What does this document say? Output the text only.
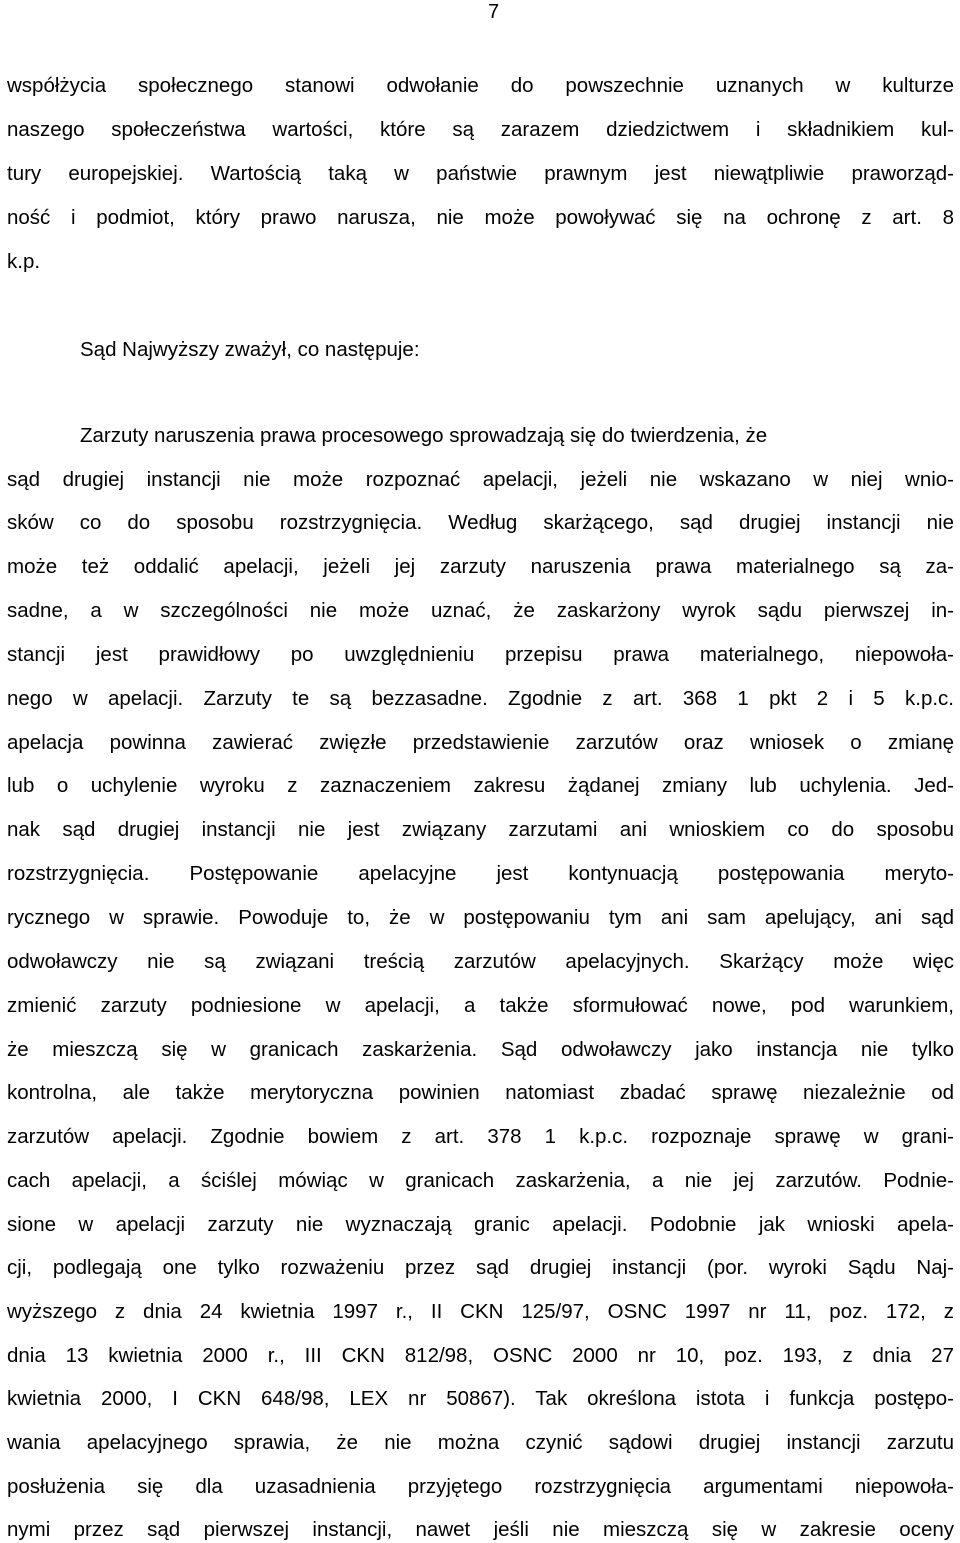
7
współżycia społecznego stanowi odwołanie do powszechnie uznanych w kulturze
naszego społeczeństwa wartości, które są zarazem dziedzictwem i składnikiem kul-
tury europejskiej. Wartością taką w państwie prawnym jest niewątpliwie praworząd-
ność i podmiot, który prawo narusza, nie może powoływać się na ochronę z art. 8
k.p.
Sąd Najwyższy zważył, co następuje:
Zarzuty naruszenia prawa procesowego sprowadzają się do twierdzenia, że
sąd drugiej instancji nie może rozpoznać apelacji, jeżeli nie wskazano w niej wnio-
sków co do sposobu rozstrzygnięcia. Według skarżącego, sąd drugiej instancji nie
może też oddalić apelacji, jeżeli jej zarzuty naruszenia prawa materialnego są za-
sadne, a w szczególności nie może uznać, że zaskarżony wyrok sądu pierwszej in-
stancji jest prawidłowy po uwzględnieniu przepisu prawa materialnego, niepowoła-
nego w apelacji. Zarzuty te są bezzasadne. Zgodnie z art. 368 1 pkt 2 i 5 k.p.c.
apelacja powinna zawierać zwięzłe przedstawienie zarzutów oraz wniosek o zmianę
lub o uchylenie wyroku z zaznaczeniem zakresu żądanej zmiany lub uchylenia. Jed-
nak sąd drugiej instancji nie jest związany zarzutami ani wnioskiem co do sposobu
rozstrzygnięcia. Postępowanie apelacyjne jest kontynuacją postępowania meryto-
rycznego w sprawie. Powoduje to, że w postępowaniu tym ani sam apelujący, ani sąd
odwoławczy nie są związani treścią zarzutów apelacyjnych. Skarżący może więc
zmienić zarzuty podniesione w apelacji, a także sformułować nowe, pod warunkiem,
że mieszczą się w granicach zaskarżenia. Sąd odwoławczy jako instancja nie tylko
kontrolna, ale także merytoryczna powinien natomiast zbadać sprawę niezależnie od
zarzutów apelacji. Zgodnie bowiem z art. 378 1 k.p.c. rozpoznaje sprawę w grani-
cach apelacji, a ściślej mówiąc w granicach zaskarżenia, a nie jej zarzutów. Podnie-
sione w apelacji zarzuty nie wyznaczają granic apelacji. Podobnie jak wnioski apela-
cji, podlegają one tylko rozważeniu przez sąd drugiej instancji (por. wyroki Sądu Naj-
wyższego z dnia 24 kwietnia 1997 r., II CKN 125/97, OSNC 1997 nr 11, poz. 172, z
dnia 13 kwietnia 2000 r., III CKN 812/98, OSNC 2000 nr 10, poz. 193, z dnia 27
kwietnia 2000, I CKN 648/98, LEX nr 50867). Tak określona istota i funkcja postępo-
wania apelacyjnego sprawia, że nie można czynić sądowi drugiej instancji zarzutu
posłużenia się dla uzasadnienia przyjętego rozstrzygnięcia argumentami niepowoła-
nymi przez sąd pierwszej instancji, nawet jeśli nie mieszczą się w zakresie oceny
